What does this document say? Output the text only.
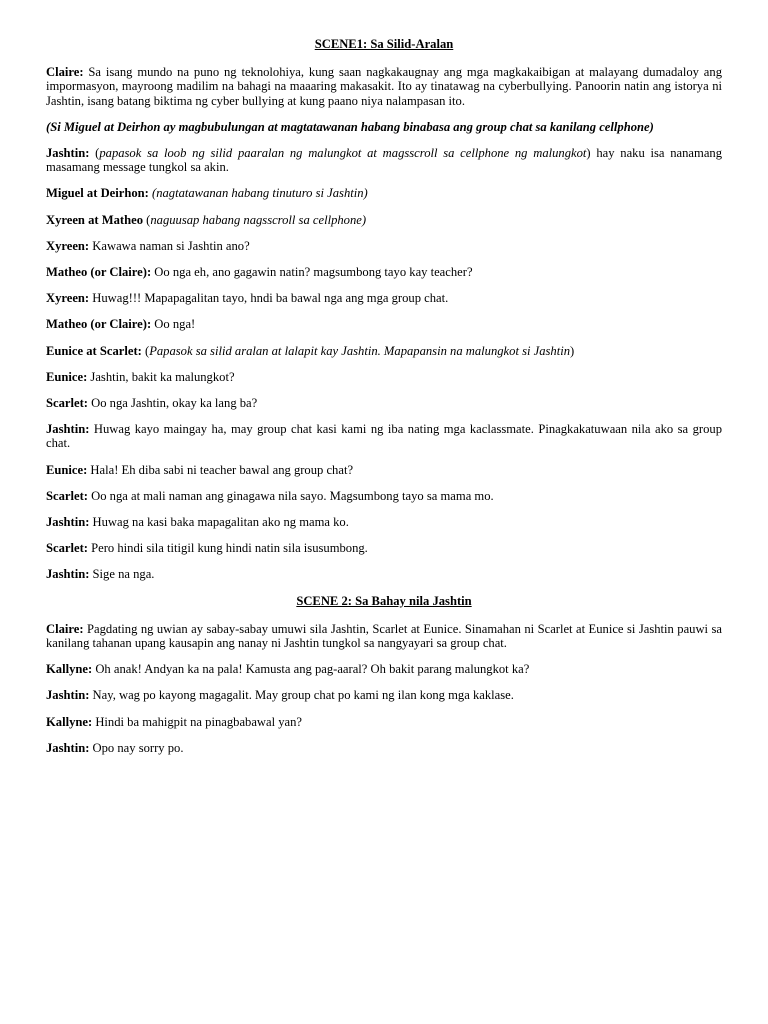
SCENE1: Sa Silid-Aralan

Claire: Sa isang mundo na puno ng teknolohiya, kung saan nagkakaugnay ang mga magkakaibigan at malayang dumadaloy ang impormasyon, mayroong madilim na bahagi na maaaring makasakit. Ito ay tinatawag na cyberbullying. Panoorin natin ang istorya ni Jashtin, isang batang biktima ng cyber bullying at kung paano niya nalampasan ito.

(Si Miguel at Deirhon ay magbubulungan at magtatawanan habang binabasa ang group chat sa kanilang cellphone)

Jashtin: (papasok sa loob ng silid paaralan ng malungkot at magsscroll sa cellphone ng malungkot) hay naku isa nanamang masamang message tungkol sa akin.

Miguel at Deirhon: (nagtatawanan habang tinuturo si Jashtin)

Xyreen at Matheo (naguusap habang nagsscroll sa cellphone)

Xyreen: Kawawa naman si Jashtin ano?

Matheo (or Claire): Oo nga eh, ano gagawin natin? magsumbong tayo kay teacher?

Xyreen: Huwag!!! Mapapagalitan tayo, hndi ba bawal nga ang mga group chat.

Matheo (or Claire): Oo nga!

Eunice at Scarlet: (Papasok sa silid aralan at lalapit kay Jashtin. Mapapansin na malungkot si Jashtin)

Eunice: Jashtin, bakit ka malungkot?

Scarlet: Oo nga Jashtin, okay ka lang ba?

Jashtin: Huwag kayo maingay ha, may group chat kasi kami ng iba nating mga kaclassmate. Pinagkakatuwaan nila ako sa group chat.

Eunice: Hala! Eh diba sabi ni teacher bawal ang group chat?

Scarlet: Oo nga at mali naman ang ginagawa nila sayo. Magsumbong tayo sa mama mo.

Jashtin: Huwag na kasi baka mapagalitan ako ng mama ko.

Scarlet: Pero hindi sila titigil kung hindi natin sila isusumbong.

Jashtin: Sige na nga.

SCENE 2: Sa Bahay nila Jashtin

Claire: Pagdating ng uwian ay sabay-sabay umuwi sila Jashtin, Scarlet at Eunice. Sinamahan ni Scarlet at Eunice si Jashtin pauwi sa kanilang tahanan upang kausapin ang nanay ni Jashtin tungkol sa nangyayari sa group chat.

Kallyne: Oh anak! Andyan ka na pala! Kamusta ang pag-aaral? Oh bakit parang malungkot ka?

Jashtin: Nay, wag po kayong magagalit. May group chat po kami ng ilan kong mga kaklase.

Kallyne: Hindi ba mahigpit na pinagbabawal yan?

Jashtin: Opo nay sorry po.
